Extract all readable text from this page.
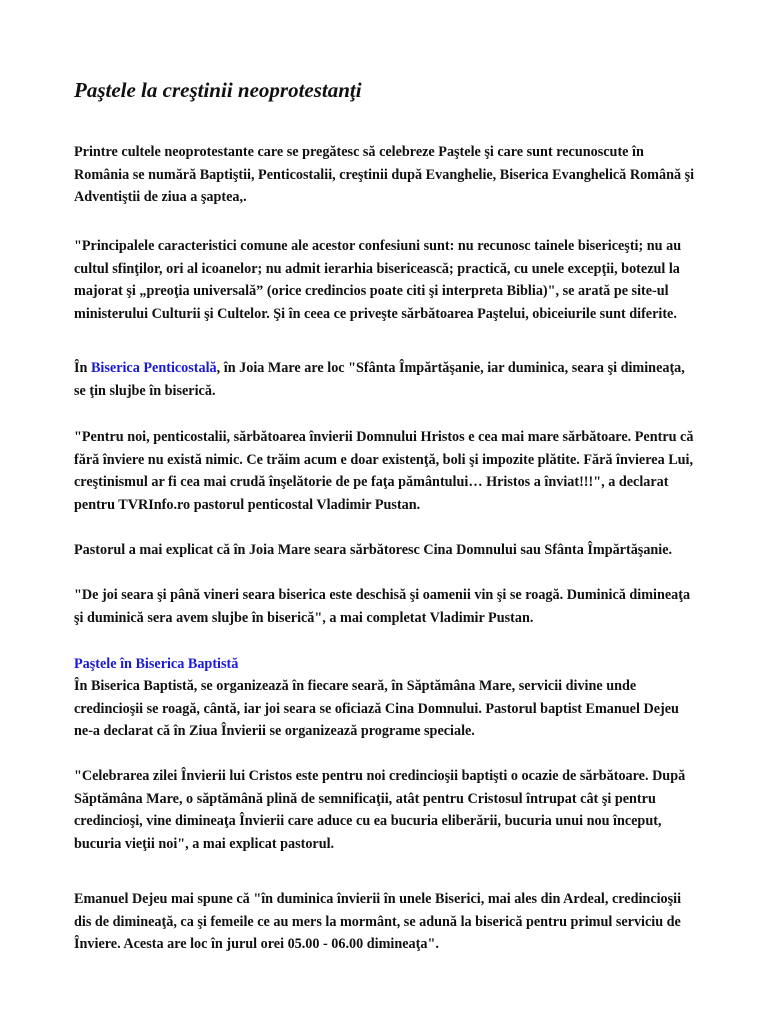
Paştele la creştinii neoprotestanţi

Printre cultele neoprotestante care se pregătesc să celebreze Paştele şi care sunt recunoscute în România se numără Baptiştii, Penticostalii, creştinii după Evanghelie, Biserica Evanghelică Română şi Adventiştii de ziua a şaptea,.

"Principalele caracteristici comune ale acestor confesiuni sunt: nu recunosc tainele bisericeşti; nu au cultul sfinţilor, ori al icoanelor; nu admit ierarhia bisericească; practică, cu unele excepţii, botezul la majorat şi „preoţia universală” (orice credincios poate citi şi interpreta Biblia)", se arată pe site-ul ministerului Culturii şi Cultelor. Şi în ceea ce priveşte sărbătoarea Paştelui, obiceiurile sunt diferite.

În Biserica Penticostală, în Joia Mare are loc "Sfânta Împărtăşanie, iar duminica, seara şi dimineaţa, se ţin slujbe în biserică.

"Pentru noi, penticostalii, sărbătoarea învierii Domnului Hristos e cea mai mare sărbătoare. Pentru că fără înviere nu există nimic. Ce trăim acum e doar existenţă, boli şi impozite plătite. Fără învierea Lui, creştinismul ar fi cea mai crudă înşelătorie de pe faţa pământului… Hristos a înviat!!!", a declarat pentru TVRInfo.ro pastorul penticostal Vladimir Pustan.

Pastorul a mai explicat că în Joia Mare seara sărbătoresc Cina Domnului sau Sfânta Împărtăşanie.

"De joi seara şi până vineri seara biserica este deschisă şi oamenii vin şi se roagă. Duminică dimineaţa şi duminică sera avem slujbe în biserică", a mai completat Vladimir Pustan.

Paştele în Biserica Baptistă

În Biserica Baptistă, se organizează în fiecare seară, în Săptămâna Mare, servicii divine unde credincioşii se roagă, cântă, iar joi seara se oficiază Cina Domnului. Pastorul baptist Emanuel Dejeu ne-a declarat că în Ziua Învierii se organizează programe speciale.

"Celebrarea zilei Învierii lui Cristos este pentru noi credincioşii baptişti o ocazie de sărbătoare. După Săptămâna Mare, o săptămână plină de semnificaţii, atât pentru Cristosul întrupat cât şi pentru credincioşi, vine dimineaţa Învierii care aduce cu ea bucuria eliberării, bucuria unui nou început, bucuria vieţii noi", a mai explicat pastorul.

Emanuel Dejeu mai spune că "în duminica învierii în unele Biserici, mai ales din Ardeal, credincioşii dis de dimineaţă, ca şi femeile ce au mers la mormânt, se adună la biserică pentru primul serviciu de Înviere. Acesta are loc în jurul orei 05.00 - 06.00 dimineaţa".
